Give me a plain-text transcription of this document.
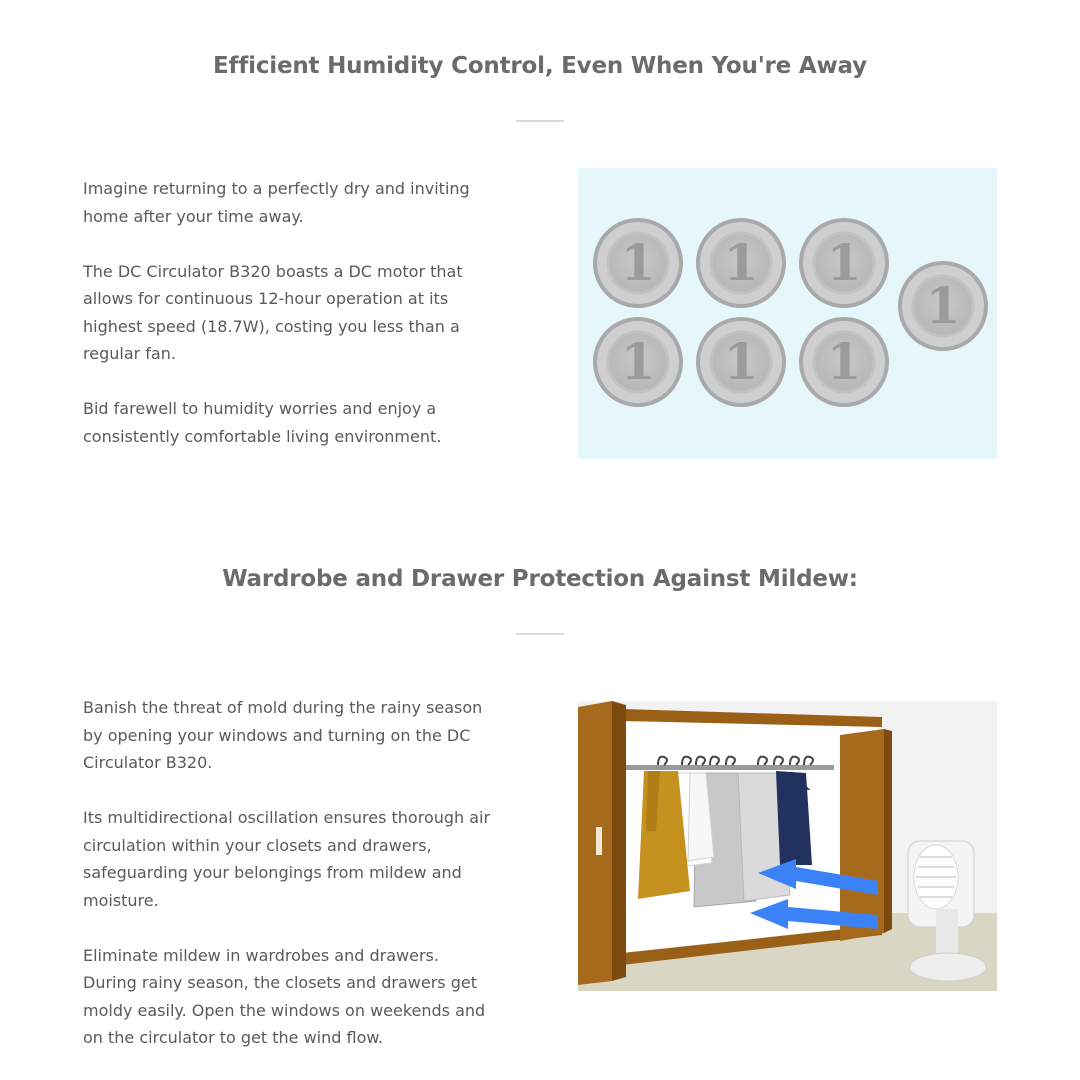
Efficient Humidity Control, Even When You're Away

Imagine returning to a perfectly dry and inviting home after your time away.

The DC Circulator B320 boasts a DC motor that allows for continuous 12-hour operation at its highest speed (18.7W), costing you less than a regular fan.

Bid farewell to humidity worries and enjoy a consistently comfortable living environment.

1 1 1
1 1 1
1
Wardrobe and Drawer Protection Against Mildew:

Banish the threat of mold during the rainy season by opening your windows and turning on the DC Circulator B320.

Its multidirectional oscillation ensures thorough air circulation within your closets and drawers, safeguarding your belongings from mildew and moisture.

Eliminate mildew in wardrobes and drawers. During rainy season, the closets and drawers get moldy easily. Open the windows on weekends and on the circulator to get the wind flow.
